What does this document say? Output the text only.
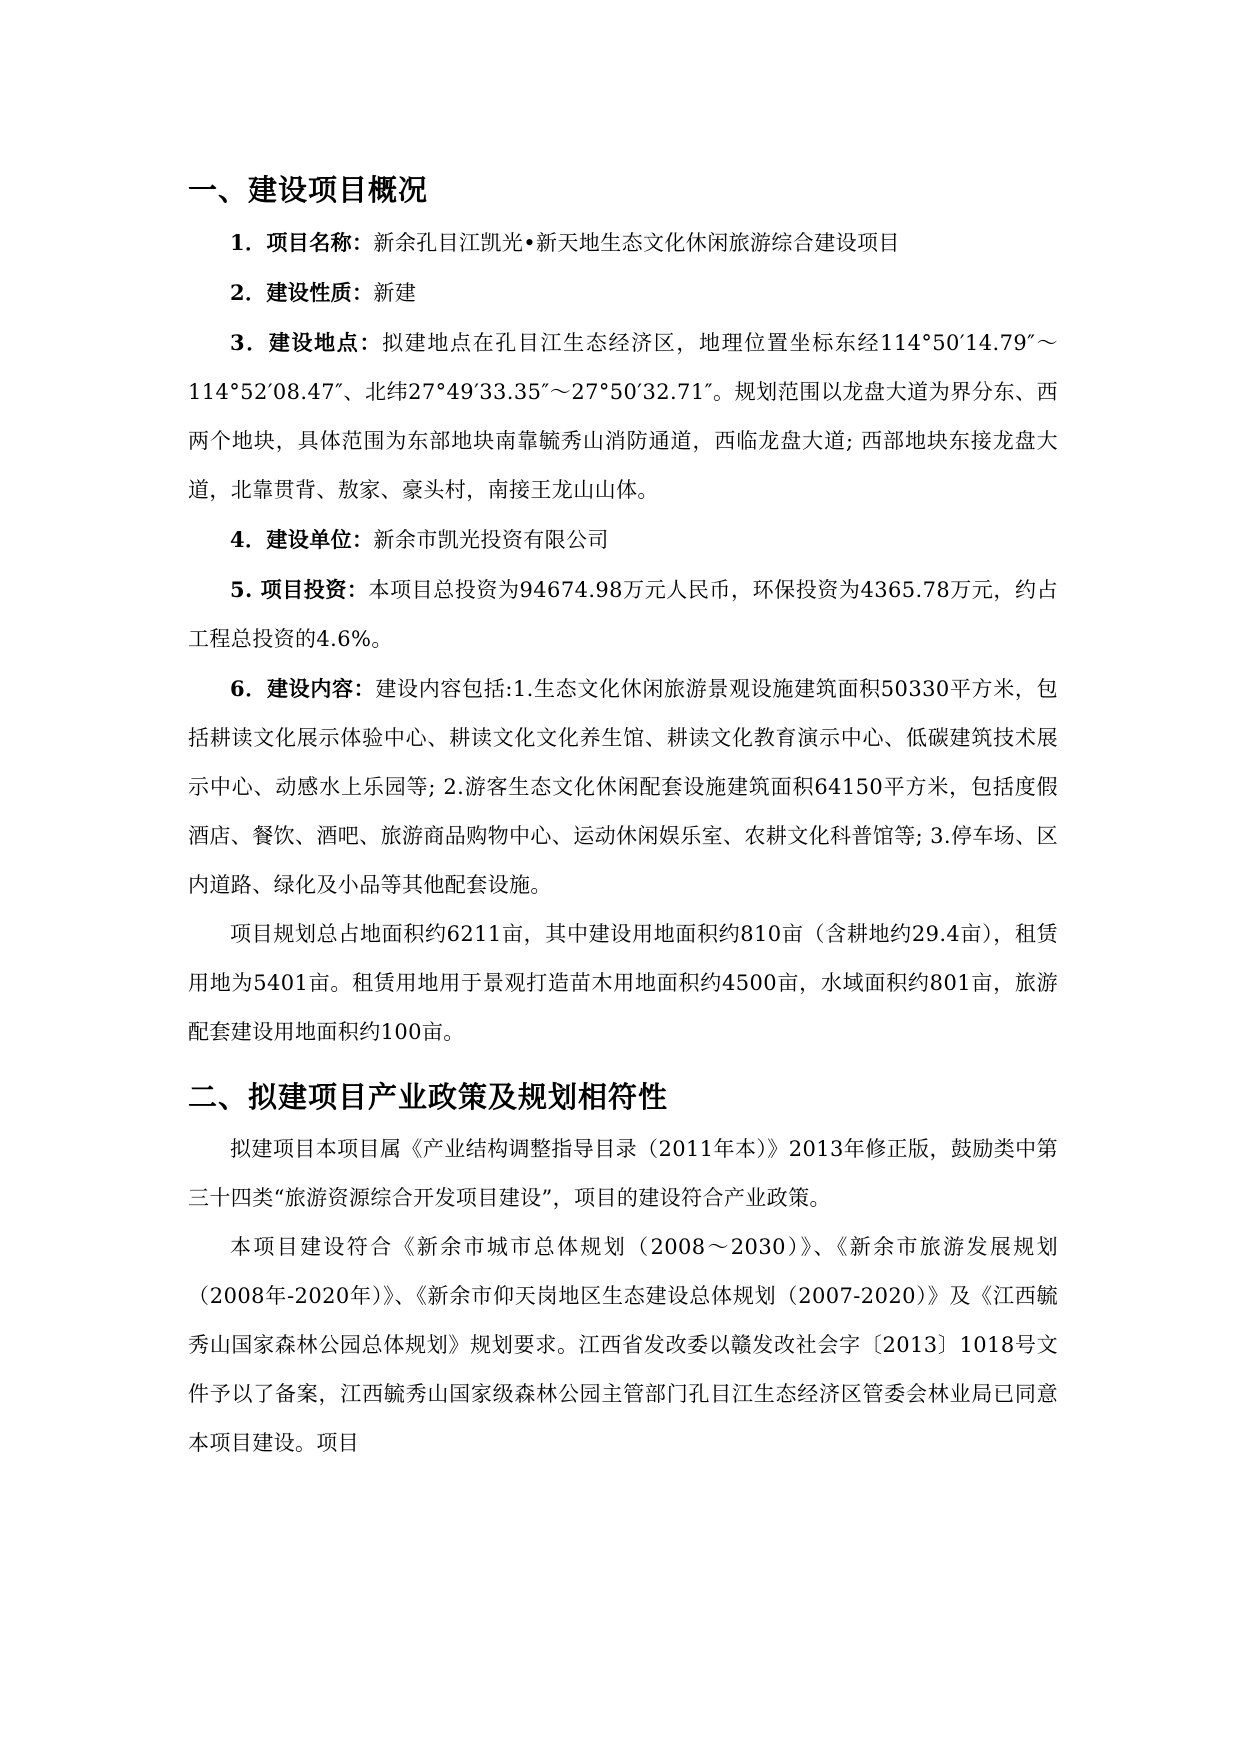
一、建设项目概况

1．项目名称：新余孔目江凯光•新天地生态文化休闲旅游综合建设项目

2．建设性质：新建

3．建设地点：拟建地点在孔目江生态经济区，地理位置坐标东经114°50′14.79″～114°52′08.47″、北纬27°49′33.35″～27°50′32.71″。规划范围以龙盘大道为界分东、西两个地块，具体范围为东部地块南靠毓秀山消防通道，西临龙盘大道; 西部地块东接龙盘大道，北靠贯背、敖家、豪头村，南接王龙山山体。

4．建设单位：新余市凯光投资有限公司

5. 项目投资：本项目总投资为94674.98万元人民币，环保投资为4365.78万元，约占工程总投资的4.6%。

6．建设内容：建设内容包括:1.生态文化休闲旅游景观设施建筑面积50330平方米，包括耕读文化展示体验中心、耕读文化文化养生馆、耕读文化教育演示中心、低碳建筑技术展示中心、动感水上乐园等; 2.游客生态文化休闲配套设施建筑面积64150平方米，包括度假酒店、餐饮、酒吧、旅游商品购物中心、运动休闲娱乐室、农耕文化科普馆等; 3.停车场、区内道路、绿化及小品等其他配套设施。

项目规划总占地面积约6211亩，其中建设用地面积约810亩（含耕地约29.4亩），租赁用地为5401亩。租赁用地用于景观打造苗木用地面积约4500亩，水域面积约801亩，旅游配套建设用地面积约100亩。

二、拟建项目产业政策及规划相符性

拟建项目本项目属《产业结构调整指导目录（2011年本）》2013年修正版，鼓励类中第三十四类“旅游资源综合开发项目建设”，项目的建设符合产业政策。

本项目建设符合《新余市城市总体规划（2008～2030）》、《新余市旅游发展规划（2008年-2020年）》、《新余市仰天岗地区生态建设总体规划（2007-2020）》及《江西毓秀山国家森林公园总体规划》规划要求。江西省发改委以赣发改社会字〔2013〕1018号文件予以了备案，江西毓秀山国家级森林公园主管部门孔目江生态经济区管委会林业局已同意本项目建设。项目
